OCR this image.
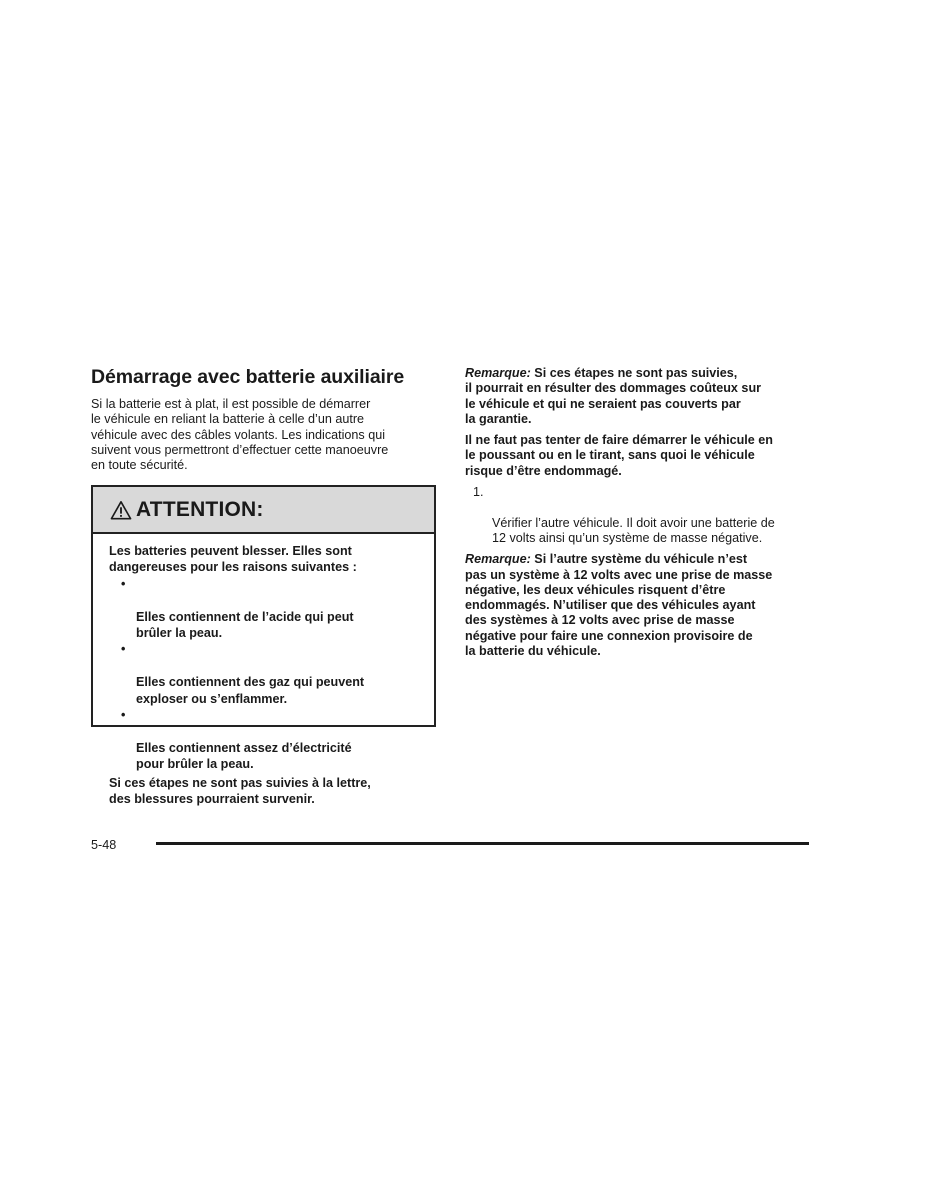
Démarrage avec batterie auxiliaire

Si la batterie est à plat, il est possible de démarrer
le véhicule en reliant la batterie à celle d’un autre
véhicule avec des câbles volants. Les indications qui
suivent vous permettront d’effectuer cette manoeuvre
en toute sécurité.

ATTENTION:

Les batteries peuvent blesser. Elles sont
dangereuses pour les raisons suivantes :

•

Elles contiennent de l’acide qui peut
brûler la peau.

•

Elles contiennent des gaz qui peuvent
exploser ou s’enflammer.

•

Elles contiennent assez d’électricité
pour brûler la peau.

Si ces étapes ne sont pas suivies à la lettre,
des blessures pourraient survenir.

Remarque: Si ces étapes ne sont pas suivies,
il pourrait en résulter des dommages coûteux sur
le véhicule et qui ne seraient pas couverts par
la garantie.

Il ne faut pas tenter de faire démarrer le véhicule en
le poussant ou en le tirant, sans quoi le véhicule
risque d’être endommagé.

1.

Vérifier l’autre véhicule. Il doit avoir une batterie de
12 volts ainsi qu’un système de masse négative.

Remarque: Si l’autre système du véhicule n’est
pas un système à 12 volts avec une prise de masse
négative, les deux véhicules risquent d’être
endommagés. N’utiliser que des véhicules ayant
des systèmes à 12 volts avec prise de masse
négative pour faire une connexion provisoire de
la batterie du véhicule.

5-48
